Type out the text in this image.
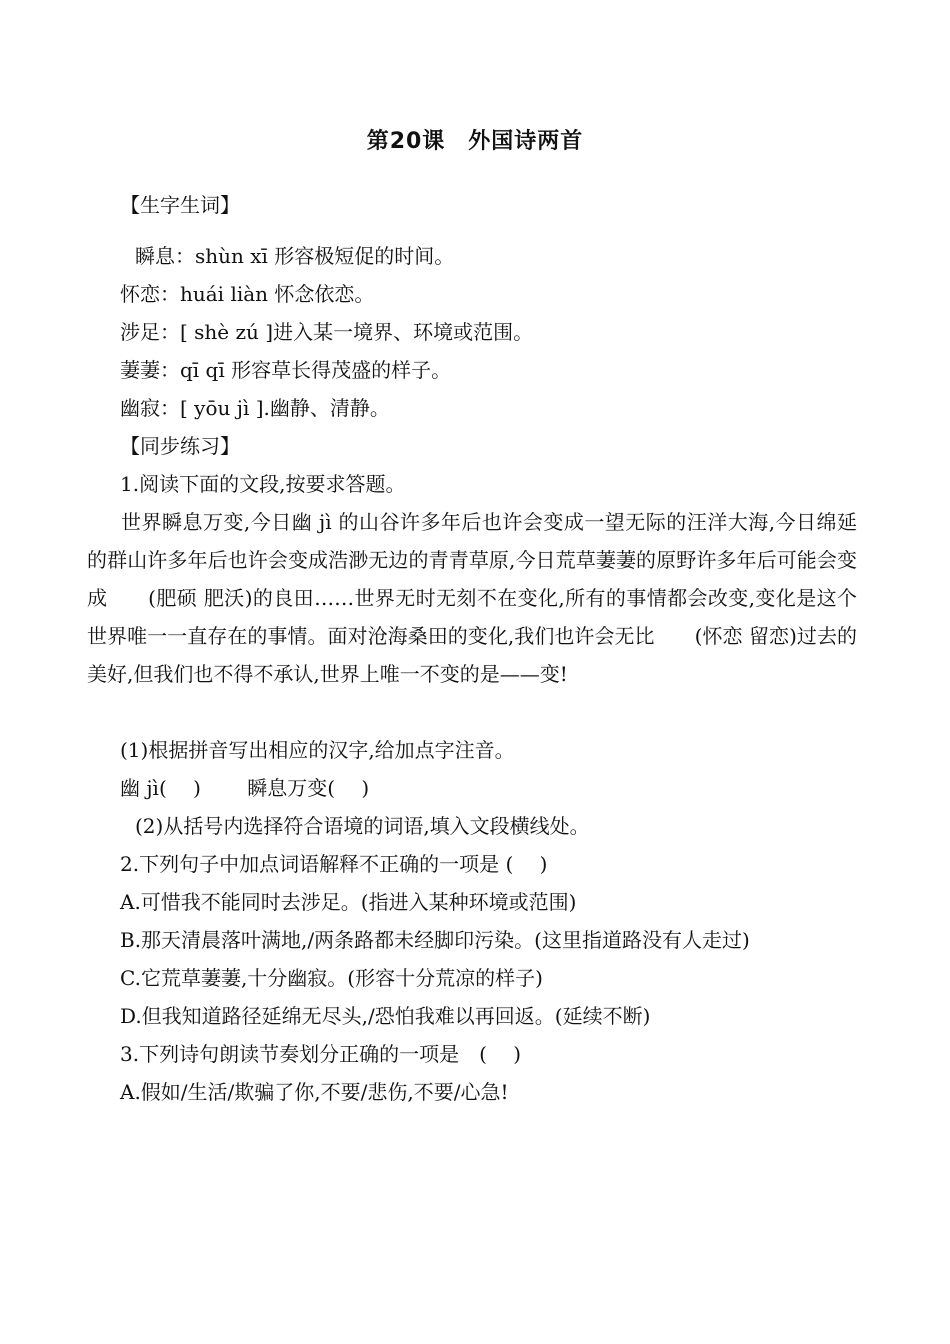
第20课　外国诗两首
【生字生词】
瞬息：shùn xī 形容极短促的时间。
怀恋：huái liàn 怀念依恋。
涉足：[ shè zú ]进入某一境界、环境或范围。
萋萋：qī qī 形容草长得茂盛的样子。
幽寂：[ yōu jì ].幽静、清静。
【同步练习】
1.阅读下面的文段,按要求答题。
世界瞬息万变,今日幽 jì 的山谷许多年后也许会变成一望无际的汪洋大海,今日绵延的群山许多年后也许会变成浩渺无边的青青草原,今日荒草萋萋的原野许多年后可能会变成　　(肥硕 肥沃)的良田……世界无时无刻不在变化,所有的事情都会改变,变化是这个世界唯一一直存在的事情。面对沧海桑田的变化,我们也许会无比　　(怀恋 留恋)过去的美好,但我们也不得不承认,世界上唯一不变的是——变!
(1)根据拼音写出相应的汉字,给加点字注音。
幽 jì(　 )　　 瞬息万变(　 )
(2)从括号内选择符合语境的词语,填入文段横线处。
2.下列句子中加点词语解释不正确的一项是 (　 )
A.可惜我不能同时去涉足。(指进入某种环境或范围)
B.那天清晨落叶满地,/两条路都未经脚印污染。(这里指道路没有人走过)
C.它荒草萋萋,十分幽寂。(形容十分荒凉的样子)
D.但我知道路径延绵无尽头,/恐怕我难以再回返。(延续不断)
3.下列诗句朗读节奏划分正确的一项是　(　 )
A.假如/生活/欺骗了你,不要/悲伤,不要/心急!
